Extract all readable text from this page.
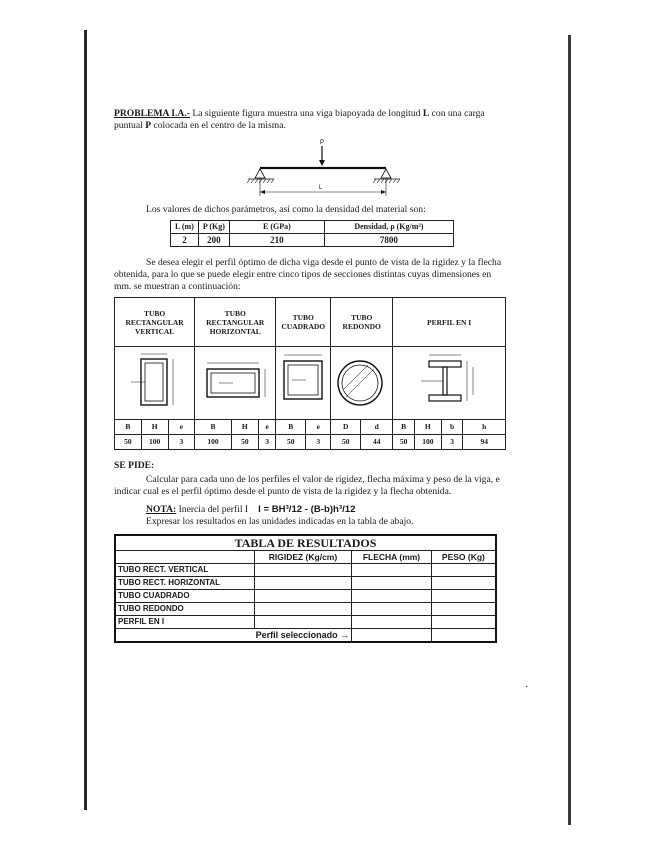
PROBLEMA I.A.- La siguiente figura muestra una viga biapoyada de longitud L con una carga puntual P colocada en el centro de la misma.

P
L

Los valores de dichos parámetros, así como la densidad del material son:

L (m)	P (Kg)	E (GPa)	Densidad, ρ (Kg/m³)
2	200	210	7800

Se desea elegir el perfil óptimo de dicha viga desde el punto de vista de la rigidez y la flecha obtenida, para lo que se puede elegir entre cinco tipos de secciones distintas cuyas dimensiones en mm. se muestran a continuación:

TUBO RECTANGULAR VERTICAL			TUBO RECTANGULAR HORIZONTAL			TUBO CUADRADO		TUBO REDONDO		PERFIL EN I			

B	H	e	B	H	e	B	e	D	d	B	H	b	h
50	100	3	100	50	3	50	3	50	44	50	100	3	94

SE PIDE:

Calcular para cada uno de los perfiles el valor de rigidez, flecha máxima y peso de la viga, e indicar cual es el perfil óptimo desde el punto de vista de la rigidez y la flecha obtenida.

NOTA: Inercia del perfil I I = BH³/12 - (B-b)h³/12

Expresar los resultados en las unidades indicadas en la tabla de abajo.

TABLA DE RESULTADOS			
	RIGIDEZ (Kg/cm)	FLECHA (mm)	PESO (Kg)
TUBO RECT. VERTICAL			
TUBO RECT. HORIZONTAL			
TUBO CUADRADO			
TUBO REDONDO			
PERFIL EN I			
Perfil seleccionado →			
·
